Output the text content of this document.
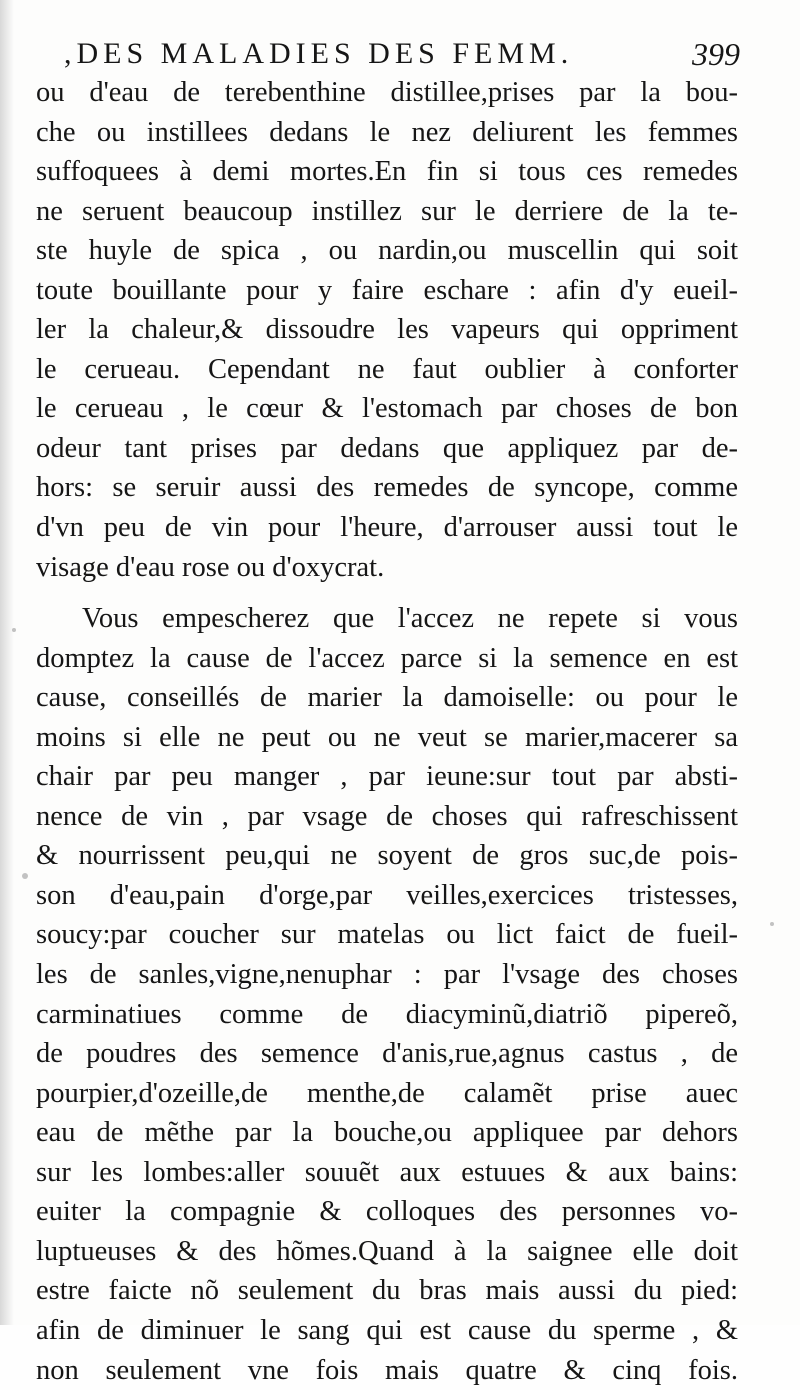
,DES MALADIES DES FEMM.	399
ou d'eau de terebenthine distillee,prises par la bou-
che ou instillees dedans le nez deliurent les femmes
suffoquees à demi mortes.En fin si tous ces remedes
ne seruent beaucoup instillez sur le derriere de la te-
ste huyle de spica , ou nardin,ou muscellin qui soit
toute bouillante pour y faire eschare : afin d'y eueil-
ler la chaleur,& dissoudre les vapeurs qui oppriment
le cerueau. Cependant ne faut oublier à conforter
le cerueau , le cœur & l'estomach par choses de bon
odeur tant prises par dedans que appliquez par de-
hors: se seruir aussi des remedes de syncope, comme
d'vn peu de vin pour l'heure, d'arrouser aussi tout le
visage d'eau rose ou d'oxycrat.
Vous empescherez que l'accez ne repete si vous
domptez la cause de l'accez parce si la semence en est
cause, conseillés de marier la damoiselle: ou pour le
moins si elle ne peut ou ne veut se marier,macerer sa
chair par peu manger , par ieune:sur tout par absti-
nence de vin , par vsage de choses qui rafreschissent
& nourrissent peu,qui ne soyent de gros suc,de pois-
son d'eau,pain d'orge,par veilles,exercices tristesses,
soucy:par coucher sur matelas ou lict faict de fueil-
les de sanles,vigne,nenuphar : par l'vsage des choses
carminatiues comme de diacyminũ,diatriõ pipereõ,
de poudres des semence d'anis,rue,agnus castus , de
pourpier,d'ozeille,de menthe,de calamẽt prise auec
eau de mẽthe par la bouche,ou appliquee par dehors
sur les lombes:aller souuẽt aux estuues & aux bains:
euiter la compagnie & colloques des personnes vo-
luptueuses & des hõmes.Quand à la saignee elle doit
estre faicte nõ seulement du bras mais aussi du pied:
afin de diminuer le sang qui est cause du sperme , &
non seulement vne fois mais quatre & cinq fois.
